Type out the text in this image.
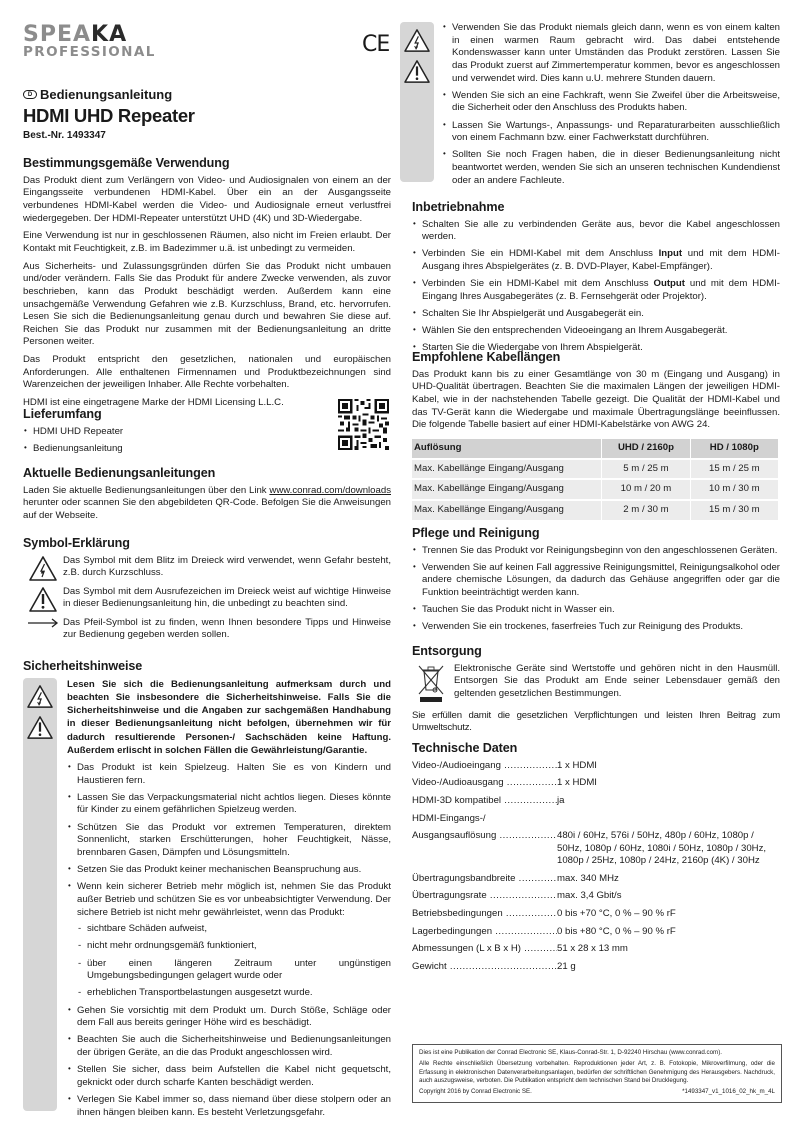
SPEA KA
PROFESSIONAL	CE
D Bedienungsanleitung
HDMI UHD Repeater
Best.-Nr. 1493347
Bestimmungsgemäße Verwendung

Das Produkt dient zum Verlängern von Video- und Audiosignalen von einem an der Eingangsseite verbundenen HDMI-Kabel. Über ein an der Ausgangsseite verbundenes HDMI-Kabel werden die Video- und Audiosignale erneut verlustfrei wiedergegeben. Der HDMI-Repeater unterstützt UHD (4K) und 3D-Wiedergabe.

Eine Verwendung ist nur in geschlossenen Räumen, also nicht im Freien erlaubt. Der Kontakt mit Feuchtigkeit, z.B. im Badezimmer u.ä. ist unbedingt zu vermeiden.

Aus Sicherheits- und Zulassungsgründen dürfen Sie das Produkt nicht umbauen und/oder verändern. Falls Sie das Produkt für andere Zwecke verwenden, als zuvor beschrieben, kann das Produkt beschädigt werden. Außerdem kann eine unsachgemäße Verwendung Gefahren wie z.B. Kurzschluss, Brand, etc. hervorrufen. Lesen Sie sich die Bedienungsanleitung genau durch und bewahren Sie diese auf. Reichen Sie das Produkt nur zusammen mit der Bedienungsanleitung an dritte Personen weiter.

Das Produkt entspricht den gesetzlichen, nationalen und europäischen Anforderungen. Alle enthaltenen Firmennamen und Produktbezeichnungen sind Warenzeichen der jeweiligen Inhaber. Alle Rechte vorbehalten.

HDMI ist eine eingetragene Marke der HDMI Licensing L.L.C.

Lieferumfang
• HDMI UHD Repeater
• Bedienungsanleitung
Aktuelle Bedienungsanleitungen

Laden Sie aktuelle Bedienungsanleitungen über den Link www.conrad.com/downloads herunter oder scannen Sie den abgebildeten QR-Code. Befolgen Sie die Anweisungen auf der Webseite.

Symbol-Erklärung
Das Symbol mit dem Blitz im Dreieck wird verwendet, wenn Gefahr besteht, z.B. durch Kurzschluss.
Das Symbol mit dem Ausrufezeichen im Dreieck weist auf wichtige Hinweise in dieser Bedienungsanleitung hin, die unbedingt zu beachten sind.
Das Pfeil-Symbol ist zu finden, wenn Ihnen besondere Tipps und Hinweise zur Bedienung gegeben werden sollen.
Sicherheitshinweise
Lesen Sie sich die Bedienungsanleitung aufmerksam durch und beachten Sie insbesondere die Sicherheitshinweise. Falls Sie die Sicherheitshinweise und die Angaben zur sachgemäßen Handhabung in dieser Bedienungsanleitung nicht befolgen, übernehmen wir für dadurch resultierende Personen-/ Sachschäden keine Haftung. Außerdem erlischt in solchen Fällen die Gewährleistung/Garantie.
• Das Produkt ist kein Spielzeug. Halten Sie es von Kindern und Haustieren fern.
• Lassen Sie das Verpackungsmaterial nicht achtlos liegen. Dieses könnte für Kinder zu einem gefährlichen Spielzeug werden.
• Schützen Sie das Produkt vor extremen Temperaturen, direktem Sonnenlicht, starken Erschütterungen, hoher Feuchtigkeit, Nässe, brennbaren Gasen, Dämpfen und Lösungsmitteln.
• Setzen Sie das Produkt keiner mechanischen Beanspruchung aus.
• Wenn kein sicherer Betrieb mehr möglich ist, nehmen Sie das Produkt außer Betrieb und schützen Sie es vor unbeabsichtigter Verwendung. Der sichere Betrieb ist nicht mehr gewährleistet, wenn das Produkt:
- sichtbare Schäden aufweist,
- nicht mehr ordnungsgemäß funktioniert,
- über einen längeren Zeitraum unter ungünstigen Umgebungsbedingungen gelagert wurde oder
- erheblichen Transportbelastungen ausgesetzt wurde.
• Gehen Sie vorsichtig mit dem Produkt um. Durch Stöße, Schläge oder dem Fall aus bereits geringer Höhe wird es beschädigt.
• Beachten Sie auch die Sicherheitshinweise und Bedienungsanleitungen der übrigen Geräte, an die das Produkt angeschlossen wird.
• Stellen Sie sicher, dass beim Aufstellen die Kabel nicht gequetscht, geknickt oder durch scharfe Kanten beschädigt werden.
• Verlegen Sie Kabel immer so, dass niemand über diese stolpern oder an ihnen hängen bleiben kann. Es besteht Verletzungsgefahr.
• Verwenden Sie das Produkt niemals gleich dann, wenn es von einem kalten in einen warmen Raum gebracht wird. Das dabei entstehende Kondenswasser kann unter Umständen das Produkt zerstören. Lassen Sie das Produkt zuerst auf Zimmertemperatur kommen, bevor es angeschlossen und verwendet wird. Dies kann u.U. mehrere Stunden dauern.
• Wenden Sie sich an eine Fachkraft, wenn Sie Zweifel über die Arbeitsweise, die Sicherheit oder den Anschluss des Produkts haben.
• Lassen Sie Wartungs-, Anpassungs- und Reparaturarbeiten ausschließlich von einem Fachmann bzw. einer Fachwerkstatt durchführen.
• Sollten Sie noch Fragen haben, die in dieser Bedienungsanleitung nicht beantwortet werden, wenden Sie sich an unseren technischen Kundendienst oder an andere Fachleute.
Inbetriebnahme
• Schalten Sie alle zu verbindenden Geräte aus, bevor die Kabel angeschlossen werden.
• Verbinden Sie ein HDMI-Kabel mit dem Anschluss Input und mit dem HDMI-Ausgang ihres Abspielgerätes (z. B. DVD-Player, Kabel-Empfänger).
• Verbinden Sie ein HDMI-Kabel mit dem Anschluss Output und mit dem HDMI-Eingang Ihres Ausgabegerätes (z. B. Fernsehgerät oder Projektor).
• Schalten Sie Ihr Abspielgerät und Ausgabegerät ein.
• Wählen Sie den entsprechenden Videoeingang an Ihrem Ausgabegerät.
• Starten Sie die Wiedergabe von Ihrem Abspielgerät.
Empfohlene Kabellängen

Das Produkt kann bis zu einer Gesamtlänge von 30 m (Eingang und Ausgang) in UHD-Qualität übertragen. Beachten Sie die maximalen Längen der jeweiligen HDMI-Kabel, wie in der nachstehenden Tabelle gezeigt. Die Qualität der HDMI-Kabel und das TV-Gerät kann die Wiedergabe und maximale Übertragungslänge beeinflussen. Die folgende Tabelle basiert auf einer HDMI-Kabelstärke von AWG 24.

Auflösung	UHD / 2160p	HD / 1080p
Max. Kabellänge Eingang/Ausgang	5 m / 25 m	15 m / 25 m
Max. Kabellänge Eingang/Ausgang	10 m / 20 m	10 m / 30 m
Max. Kabellänge Eingang/Ausgang	2 m / 30 m	15 m / 30 m
Pflege und Reinigung
• Trennen Sie das Produkt vor Reinigungsbeginn von den angeschlossenen Geräten.
• Verwenden Sie auf keinen Fall aggressive Reinigungsmittel, Reinigungsalkohol oder andere chemische Lösungen, da dadurch das Gehäuse angegriffen oder gar die Funktion beeinträchtigt werden kann.
• Tauchen Sie das Produkt nicht in Wasser ein.
• Verwenden Sie ein trockenes, faserfreies Tuch zur Reinigung des Produkts.
Entsorgung

Elektronische Geräte sind Wertstoffe und gehören nicht in den Hausmüll. Entsorgen Sie das Produkt am Ende seiner Lebensdauer gemäß den geltenden gesetzlichen Bestimmungen.

Sie erfüllen damit die gesetzlichen Verpflichtungen und leisten Ihren Beitrag zum Umweltschutz.

Technische Daten
Video-/Audioeingang .....	1 x HDMI
Video-/Audioausgang .....	1 x HDMI
HDMI-3D kompatibel .....	ja
HDMI-Eingangs-/
Ausgangsauflösung .....	480i / 60Hz, 576i / 50Hz, 480p / 60Hz, 1080p / 50Hz, 1080p / 60Hz, 1080i / 50Hz, 1080p / 30Hz, 1080p / 25Hz, 1080p / 24Hz, 2160p (4K) / 30Hz
Übertragungsbandbreite .....	max. 340 MHz
Übertragungsrate .....	max. 3,4 Gbit/s
Betriebsbedingungen .....	0 bis +70 °C, 0 % – 90 % rF
Lagerbedingungen .....	0 bis +80 °C, 0 % – 90 % rF
Abmessungen (L x B x H) .....	51 x 28 x 13 mm
Gewicht .....	21 g

Dies ist eine Publikation der Conrad Electronic SE, Klaus-Conrad-Str. 1, D-92240 Hirschau (www.conrad.com).

Alle Rechte einschließlich Übersetzung vorbehalten. Reproduktionen jeder Art, z. B. Fotokopie, Mikroverfilmung, oder die Erfassung in elektronischen Datenverarbeitungsanlagen, bedürfen der schriftlichen Genehmigung des Herausgebers. Nachdruck, auch auszugsweise, verboten. Die Publikation entspricht dem technischen Stand bei Drucklegung.

Copyright 2016 by Conrad Electronic SE.	*1493347_v1_1016_02_hk_m_4L
